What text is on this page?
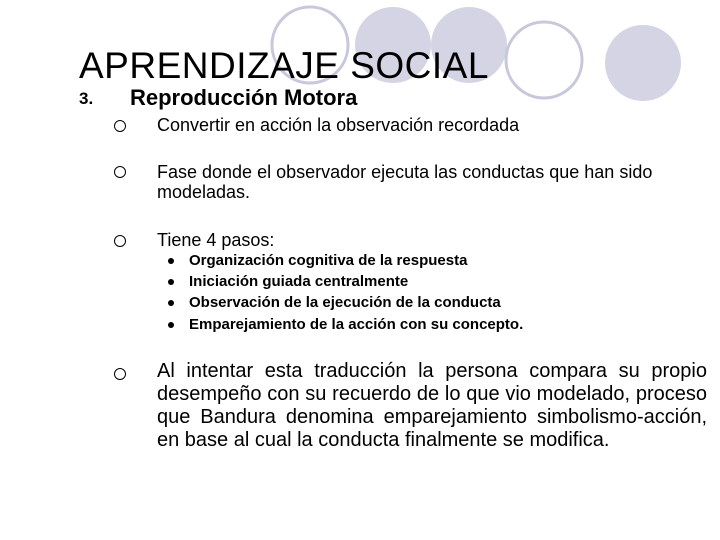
APRENDIZAJE SOCIAL
3. Reproducción Motora
Convertir en acción la observación recordada
Fase donde el observador ejecuta las conductas que han sido modeladas.
Tiene 4 pasos:
Organización cognitiva de la respuesta
Iniciación guiada centralmente
Observación de la ejecución de la conducta
Emparejamiento de la acción con su concepto.
Al intentar esta traducción la persona compara su propio desempeño con su recuerdo de lo que vio modelado, proceso que Bandura denomina emparejamiento simbolismo-acción, en base al cual la conducta finalmente se modifica.
